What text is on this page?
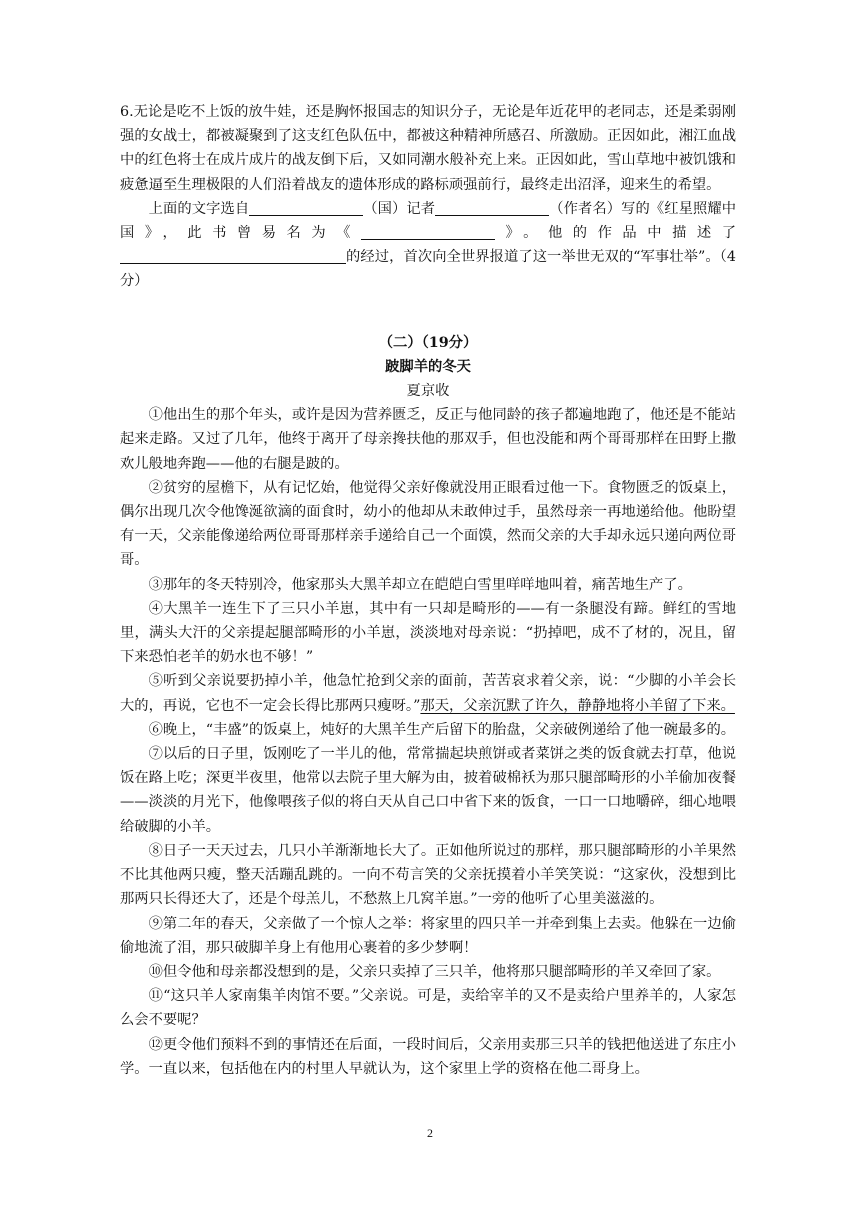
6.无论是吃不上饭的放牛娃，还是胸怀报国志的知识分子，无论是年近花甲的老同志，还是柔弱刚强的女战士，都被凝聚到了这支红色队伍中，都被这种精神所感召、所激励。正因如此，湘江血战中的红色将士在成片成片的战友倒下后，又如同潮水般补充上来。正因如此，雪山草地中被饥饿和疲惫逼至生理极限的人们沿着战友的遗体形成的路标顽强前行，最终走出沼泽，迎来生的希望。

上面的文字选自	（国）记者	（作者名）写的《红星照耀中国》，此书曾易名为《	》。他的作品中描述了的经过，首次向全世界报道了这一举世无双的“军事壮举”。（4分）

（二）（19分）

跛脚羊的冬天

夏京收

①他出生的那个年头，或许是因为营养匮乏，反正与他同龄的孩子都遍地跑了，他还是不能站起来走路。又过了几年，他终于离开了母亲搀扶他的那双手，但也没能和两个哥哥那样在田野上撒欢儿般地奔跑——他的右腿是跛的。

②贫穷的屋檐下，从有记忆始，他觉得父亲好像就没用正眼看过他一下。食物匮乏的饭桌上，偶尔出现几次令他馋涎欲滴的面食时，幼小的他却从未敢伸过手，虽然母亲一再地递给他。他盼望有一天，父亲能像递给两位哥哥那样亲手递给自己一个面馍，然而父亲的大手却永远只递向两位哥哥。

③那年的冬天特别冷，他家那头大黑羊却立在皑皑白雪里咩咩地叫着，痛苦地生产了。

④大黑羊一连生下了三只小羊崽，其中有一只却是畸形的——有一条腿没有蹄。鲜红的雪地里，满头大汗的父亲提起腿部畸形的小羊崽，淡淡地对母亲说：“扔掉吧，成不了材的，况且，留下来恐怕老羊的奶水也不够！”

⑤听到父亲说要扔掉小羊，他急忙抢到父亲的面前，苦苦哀求着父亲，说：“少脚的小羊会长大的，再说，它也不一定会长得比那两只瘦呀。”那天，父亲沉默了许久，静静地将小羊留了下来。

⑥晚上，“丰盛”的饭桌上，炖好的大黑羊生产后留下的胎盘，父亲破例递给了他一碗最多的。

⑦以后的日子里，饭刚吃了一半儿的他，常常揣起块煎饼或者菜饼之类的饭食就去打草，他说饭在路上吃；深更半夜里，他常以去院子里大解为由，披着破棉袄为那只腿部畸形的小羊偷加夜餐——淡淡的月光下，他像喂孩子似的将白天从自己口中省下来的饭食，一口一口地嚼碎，细心地喂给破脚的小羊。

⑧日子一天天过去，几只小羊渐渐地长大了。正如他所说过的那样，那只腿部畸形的小羊果然不比其他两只瘦，整天活蹦乱跳的。一向不苟言笑的父亲抚摸着小羊笑笑说：“这家伙，没想到比那两只长得还大了，还是个母羔儿，不愁熬上几窝羊崽。”一旁的他听了心里美滋滋的。

⑨第二年的春天，父亲做了一个惊人之举：将家里的四只羊一并牵到集上去卖。他躲在一边偷偷地流了泪，那只破脚羊身上有他用心裹着的多少梦啊！

⑩但令他和母亲都没想到的是，父亲只卖掉了三只羊，他将那只腿部畸形的羊又牵回了家。

⑪“这只羊人家南集羊肉馆不要。”父亲说。可是，卖给宰羊的又不是卖给户里养羊的，人家怎么会不要呢？

⑫更令他们预料不到的事情还在后面，一段时间后，父亲用卖那三只羊的钱把他送进了东庄小学。一直以来，包括他在内的村里人早就认为，这个家里上学的资格在他二哥身上。

2
